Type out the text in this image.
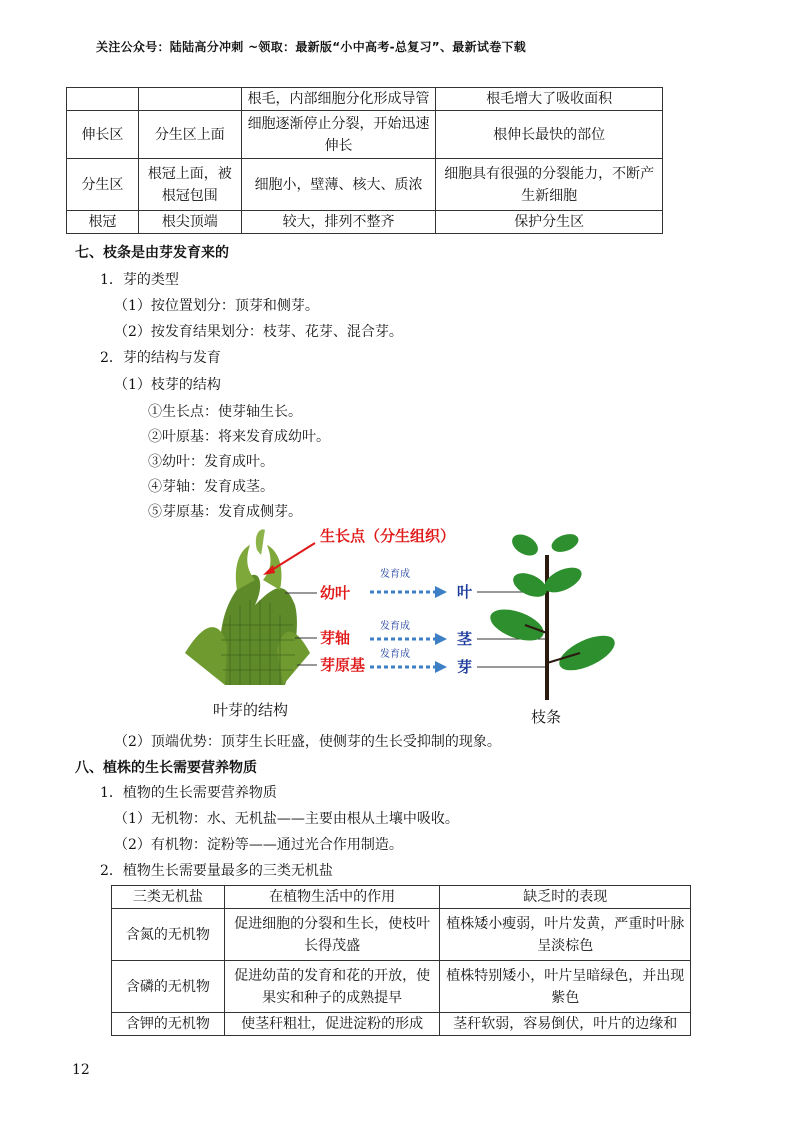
关注公众号：陆陆高分冲刺 ~领取：最新版“小中高考-总复习”、最新试卷下载
		根毛，内部细胞分化形成导管	根毛增大了吸收面积
伸长区	分生区上面	细胞逐渐停止分裂，开始迅速伸长	根伸长最快的部位
分生区	根冠上面，被根冠包围	细胞小，壁薄、核大、质浓	细胞具有很强的分裂能力，不断产生新细胞
根冠	根尖顶端	较大，排列不整齐	保护分生区
七、枝条是由芽发育来的
1．芽的类型
（1）按位置划分：顶芽和侧芽。
（2）按发育结果划分：枝芽、花芽、混合芽。
2．芽的结构与发育
（1）枝芽的结构
①生长点：使芽轴生长。
②叶原基：将来发育成幼叶。
③幼叶：发育成叶。
④芽轴：发育成茎。
⑤芽原基：发育成侧芽。
生长点（分生组织）
幼叶
芽轴
芽原基
发育成
发育成
发育成
叶
茎
芽
叶芽的结构	枝条
（2）顶端优势：顶芽生长旺盛，使侧芽的生长受抑制的现象。
八、植株的生长需要营养物质
1．植物的生长需要营养物质
（1）无机物：水、无机盐——主要由根从土壤中吸收。
（2）有机物：淀粉等——通过光合作用制造。
2．植物生长需要量最多的三类无机盐
三类无机盐	在植物生活中的作用	缺乏时的表现
含氮的无机物	促进细胞的分裂和生长，使枝叶长得茂盛	植株矮小瘦弱，叶片发黄，严重时叶脉呈淡棕色
含磷的无机物	促进幼苗的发育和花的开放，使果实和种子的成熟提早	植株特别矮小，叶片呈暗绿色，并出现紫色
含钾的无机物	使茎秆粗壮，促进淀粉的形成	茎秆软弱，容易倒伏，叶片的边缘和
12
